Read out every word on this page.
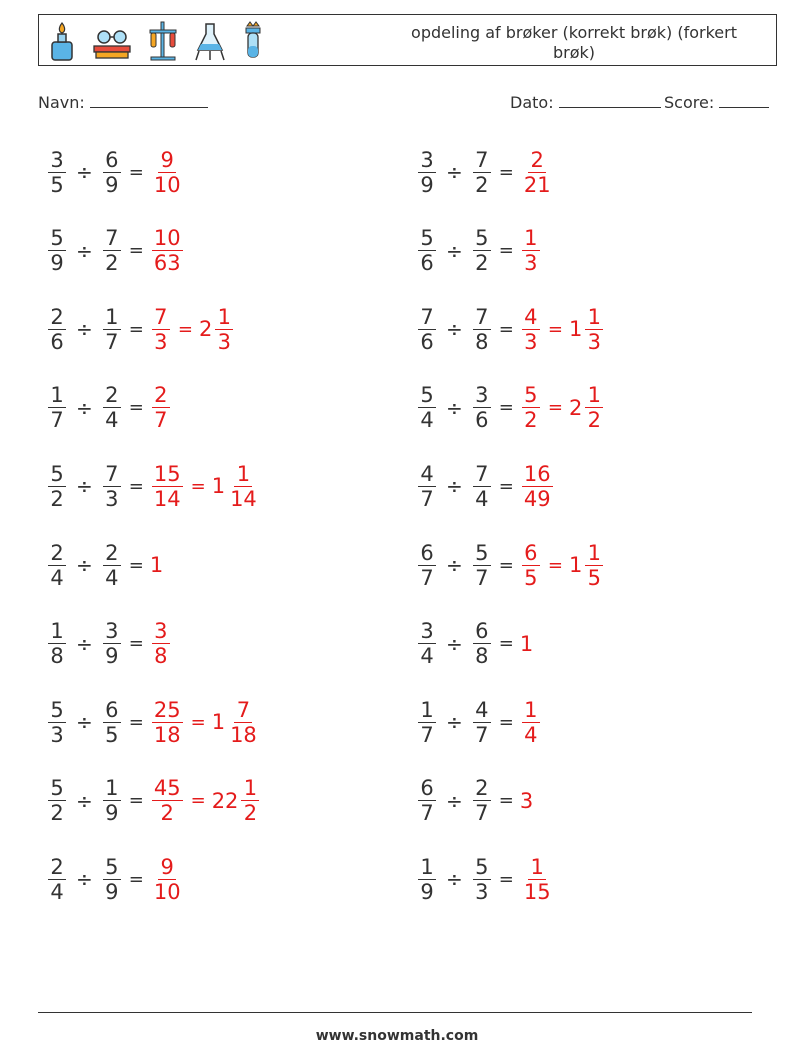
opdeling af brøker (korrekt brøk) (forkert brøk)
Navn:	Dato:	Score:
$\frac{3}{5} \div \frac{6}{9} = \frac{9}{10}$	$\frac{3}{9} \div \frac{7}{2} = \frac{2}{21}$
$\frac{5}{9} \div \frac{7}{2} = \frac{10}{63}$	$\frac{5}{6} \div \frac{5}{2} = \frac{1}{3}$
$\frac{2}{6} \div \frac{1}{7} = \frac{7}{3} = 2 \frac{1}{3}$	$\frac{7}{6} \div \frac{7}{8} = \frac{4}{3} = 1 \frac{1}{3}$
$\frac{1}{7} \div \frac{2}{4} = \frac{2}{7}$	$\frac{5}{4} \div \frac{3}{6} = \frac{5}{2} = 2 \frac{1}{2}$
$\frac{5}{2} \div \frac{7}{3} = \frac{15}{14} = 1 \frac{1}{14}$	$\frac{4}{7} \div \frac{7}{4} = \frac{16}{49}$
$\frac{2}{4} \div \frac{2}{4} = 1$	$\frac{6}{7} \div \frac{5}{7} = \frac{6}{5} = 1 \frac{1}{5}$
$\frac{1}{8} \div \frac{3}{9} = \frac{3}{8}$	$\frac{3}{4} \div \frac{6}{8} = 1$
$\frac{5}{3} \div \frac{6}{5} = \frac{25}{18} = 1 \frac{7}{18}$	$\frac{1}{7} \div \frac{4}{7} = \frac{1}{4}$
$\frac{5}{2} \div \frac{1}{9} = \frac{45}{2} = 22 \frac{1}{2}$	$\frac{6}{7} \div \frac{2}{7} = 3$
$\frac{2}{4} \div \frac{5}{9} = \frac{9}{10}$	$\frac{1}{9} \div \frac{5}{3} = \frac{1}{15}$
www.snowmath.com
